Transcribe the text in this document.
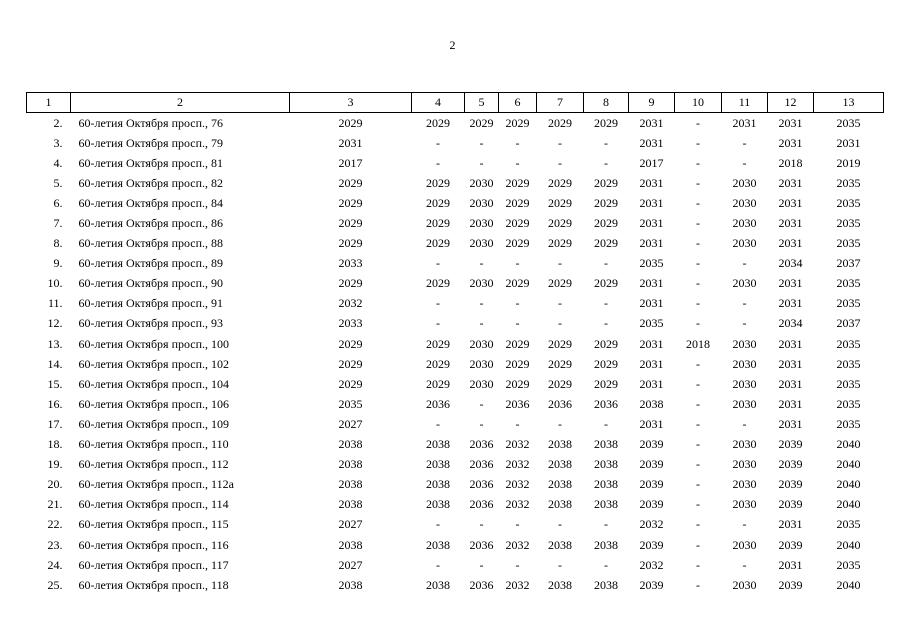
2
1	2	3	4	5	6	7	8	9	10	11	12	13
2.	60-летия Октября просп., 76	2029	2029	2029	2029	2029	2029	2031	-	2031	2031	2035
3.	60-летия Октября просп., 79	2031	-	-	-	-	-	2031	-	-	2031	2031
4.	60-летия Октября просп., 81	2017	-	-	-	-	-	2017	-	-	2018	2019
5.	60-летия Октября просп., 82	2029	2029	2030	2029	2029	2029	2031	-	2030	2031	2035
6.	60-летия Октября просп., 84	2029	2029	2030	2029	2029	2029	2031	-	2030	2031	2035
7.	60-летия Октября просп., 86	2029	2029	2030	2029	2029	2029	2031	-	2030	2031	2035
8.	60-летия Октября просп., 88	2029	2029	2030	2029	2029	2029	2031	-	2030	2031	2035
9.	60-летия Октября просп., 89	2033	-	-	-	-	-	2035	-	-	2034	2037
10.	60-летия Октября просп., 90	2029	2029	2030	2029	2029	2029	2031	-	2030	2031	2035
11.	60-летия Октября просп., 91	2032	-	-	-	-	-	2031	-	-	2031	2035
12.	60-летия Октября просп., 93	2033	-	-	-	-	-	2035	-	-	2034	2037
13.	60-летия Октября просп., 100	2029	2029	2030	2029	2029	2029	2031	2018	2030	2031	2035
14.	60-летия Октября просп., 102	2029	2029	2030	2029	2029	2029	2031	-	2030	2031	2035
15.	60-летия Октября просп., 104	2029	2029	2030	2029	2029	2029	2031	-	2030	2031	2035
16.	60-летия Октября просп., 106	2035	2036	-	2036	2036	2036	2038	-	2030	2031	2035
17.	60-летия Октября просп., 109	2027	-	-	-	-	-	2031	-	-	2031	2035
18.	60-летия Октября просп., 110	2038	2038	2036	2032	2038	2038	2039	-	2030	2039	2040
19.	60-летия Октября просп., 112	2038	2038	2036	2032	2038	2038	2039	-	2030	2039	2040
20.	60-летия Октября просп., 112а	2038	2038	2036	2032	2038	2038	2039	-	2030	2039	2040
21.	60-летия Октября просп., 114	2038	2038	2036	2032	2038	2038	2039	-	2030	2039	2040
22.	60-летия Октября просп., 115	2027	-	-	-	-	-	2032	-	-	2031	2035
23.	60-летия Октября просп., 116	2038	2038	2036	2032	2038	2038	2039	-	2030	2039	2040
24.	60-летия Октября просп., 117	2027	-	-	-	-	-	2032	-	-	2031	2035
25.	60-летия Октября просп., 118	2038	2038	2036	2032	2038	2038	2039	-	2030	2039	2040
